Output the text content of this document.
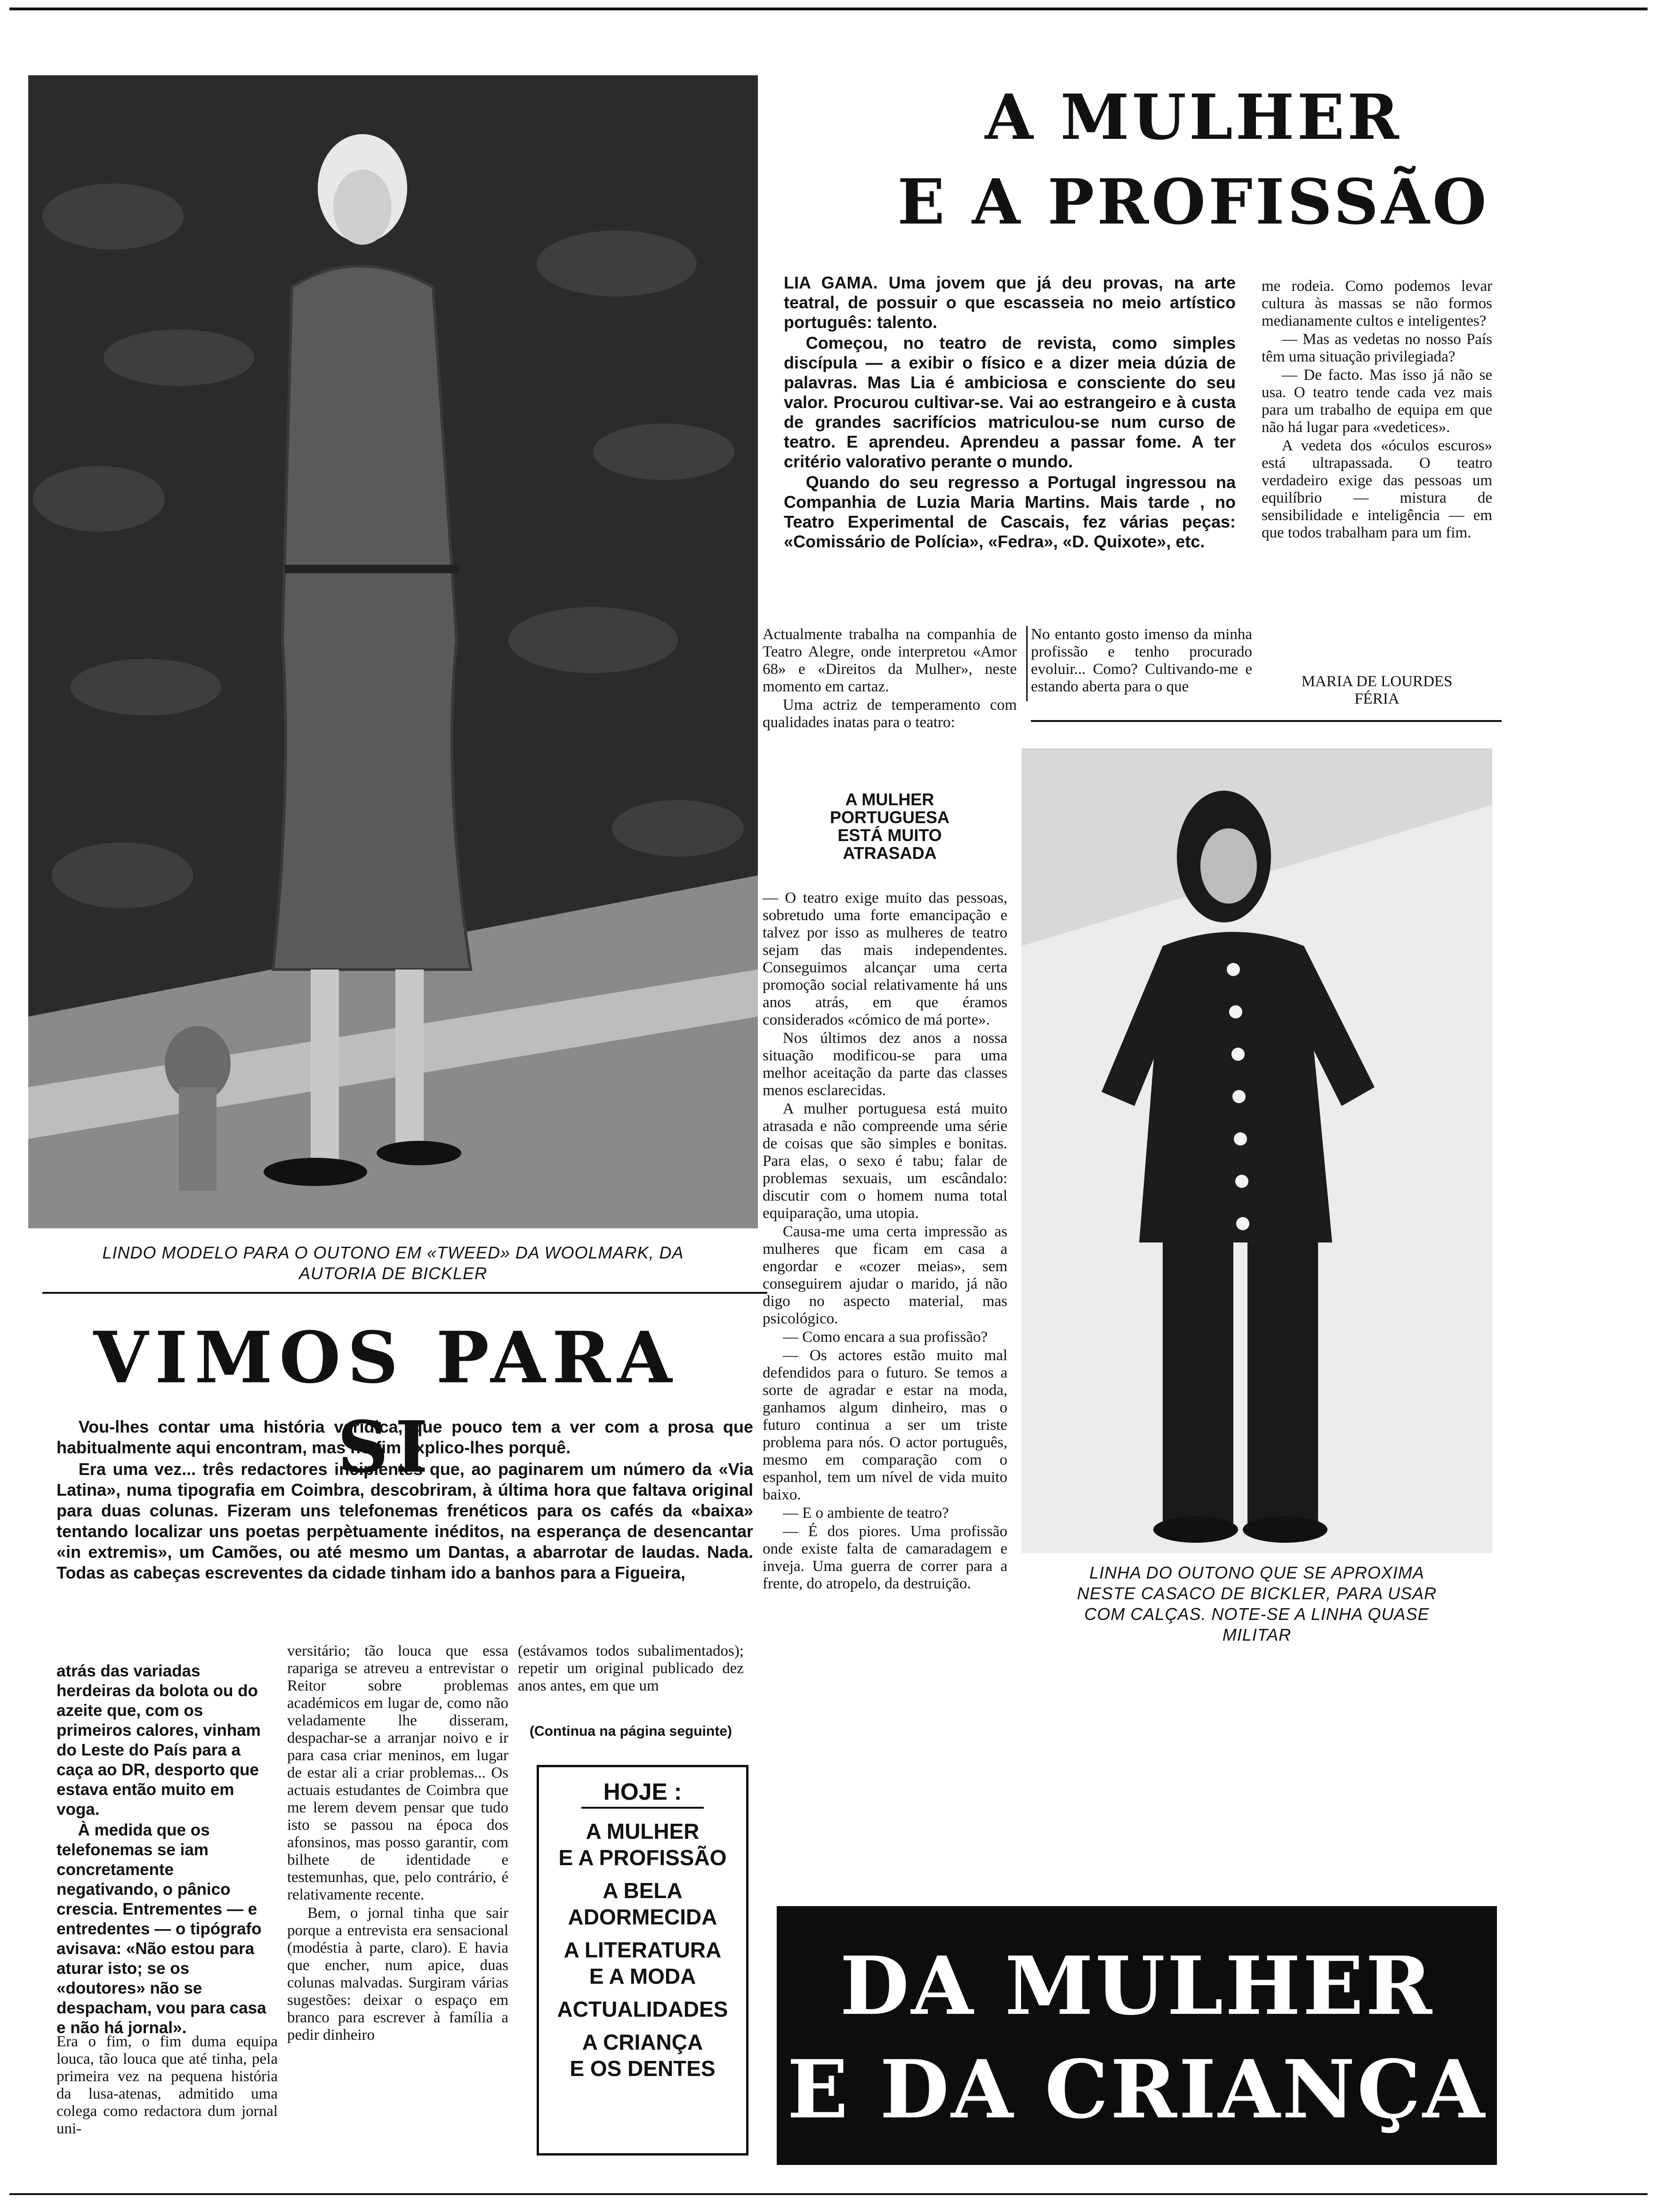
LINDO MODELO PARA O OUTONO EM «TWEED» DA WOOLMARK, DA
AUTORIA DE BICKLER
A MULHER
E A PROFISSÃO

LIA GAMA. Uma jovem que já deu provas, na arte teatral, de possuir o que escasseia no meio artístico português: talento.

Começou, no teatro de revista, como simples discípula — a exibir o físico e a dizer meia dúzia de palavras. Mas Lia é ambiciosa e consciente do seu valor. Procurou cultivar-se. Vai ao estrangeiro e à custa de grandes sacrifícios matriculou-se num curso de teatro. E aprendeu. Aprendeu a passar fome. A ter critério valorativo perante o mundo.

Quando do seu regresso a Portugal ingressou na Companhia de Luzia Maria Martins. Mais tarde , no Teatro Experimental de Cascais, fez várias peças: «Comissário de Polícia», «Fedra», «D. Quixote», etc.

me rodeia. Como podemos levar cultura às massas se não formos medianamente cultos e inteligentes?

— Mas as vedetas no nosso País têm uma situação privilegiada?

— De facto. Mas isso já não se usa. O teatro tende cada vez mais para um trabalho de equipa em que não há lugar para «vedetices».

A vedeta dos «óculos escuros» está ultrapassada. O teatro verdadeiro exige das pessoas um equilíbrio — mistura de sensibilidade e inteligência — em que todos trabalham para um fim.

MARIA DE LOURDES
FÉRIA

Actualmente trabalha na companhia de Teatro Alegre, onde interpretou «Amor 68» e «Direitos da Mulher», neste momento em cartaz.

Uma actriz de temperamento com qualidades inatas para o teatro:

No entanto gosto imenso da minha profissão e tenho procurado evoluir... Como? Cultivando-me e estando aberta para o que

A MULHER
PORTUGUESA
ESTÁ MUITO
ATRASADA

— O teatro exige muito das pessoas, sobretudo uma forte emancipação e talvez por isso as mulheres de teatro sejam das mais independentes. Conseguimos alcançar uma certa promoção social relativamente há uns anos atrás, em que éramos considerados «cómico de má porte».

Nos últimos dez anos a nossa situação modificou-se para uma melhor aceitação da parte das classes menos esclarecidas.

A mulher portuguesa está muito atrasada e não compreende uma série de coisas que são simples e bonitas. Para elas, o sexo é tabu; falar de problemas sexuais, um escândalo: discutir com o homem numa total equiparação, uma utopia.

Causa-me uma certa impressão as mulheres que ficam em casa a engordar e «cozer meias», sem conseguirem ajudar o marido, já não digo no aspecto material, mas psicológico.

— Como encara a sua profissão?

— Os actores estão muito mal defendidos para o futuro. Se temos a sorte de agradar e estar na moda, ganhamos algum dinheiro, mas o futuro continua a ser um triste problema para nós. O actor português, mesmo em comparação com o espanhol, tem um nível de vida muito baixo.

— E o ambiente de teatro?

— É dos piores. Uma profissão onde existe falta de camaradagem e inveja. Uma guerra de correr para a frente, do atropelo, da destruição.

LINHA DO OUTONO QUE SE APROXIMA
NESTE CASACO DE BICKLER, PARA USAR
COM CALÇAS. NOTE-SE A LINHA QUASE
MILITAR
VIMOS PARA SI

Vou-lhes contar uma história verídica, que pouco tem a ver com a prosa que habitualmente aqui encontram, mas no fim explico-lhes porquê.

Era uma vez... três redactores incipientes que, ao paginarem um número da «Via Latina», numa tipografia em Coimbra, descobriram, à última hora que faltava original para duas colunas. Fizeram uns telefonemas frenéticos para os cafés da «baixa» tentando localizar uns poetas perpètuamente inéditos, na esperança de desencantar «in extremis», um Camões, ou até mesmo um Dantas, a abarrotar de laudas. Nada. Todas as cabeças escreventes da cidade tinham ido a banhos para a Figueira,

atrás das variadas herdeiras da bolota ou do azeite que, com os primeiros calores, vinham do Leste do País para a caça ao DR, desporto que estava então muito em voga.

À medida que os telefonemas se iam concretamente negativando, o pânico crescia. Entrementes — e entredentes — o tipógrafo avisava: «Não estou para aturar isto; se os «doutores» não se despacham, vou para casa e não há jornal».

Era o fim, o fim duma equipa louca, tão louca que até tinha, pela primeira vez na pequena história da lusa-atenas, admitido uma colega como redactora dum jornal uni-

versitário; tão louca que essa rapariga se atreveu a entrevistar o Reitor sobre problemas académicos em lugar de, como não veladamente lhe disseram, despachar-se a arranjar noivo e ir para casa criar meninos, em lugar de estar ali a criar problemas... Os actuais estudantes de Coimbra que me lerem devem pensar que tudo isto se passou na época dos afonsinos, mas posso garantir, com bilhete de identidade e testemunhas, que, pelo contrário, é relativamente recente.

Bem, o jornal tinha que sair porque a entrevista era sensacional (modéstia à parte, claro). E havia que encher, num apice, duas colunas malvadas. Surgiram várias sugestões: deixar o espaço em branco para escrever à família a pedir dinheiro

(estávamos todos subalimentados); repetir um original publicado dez anos antes, em que um

(Continua na página seguinte)
HOJE :
A MULHER
E A PROFISSÃO
A BELA
ADORMECIDA
A LITERATURA
E A MODA
ACTUALIDADES
A CRIANÇA
E OS DENTES
DA MULHER
E DA CRIANÇA
